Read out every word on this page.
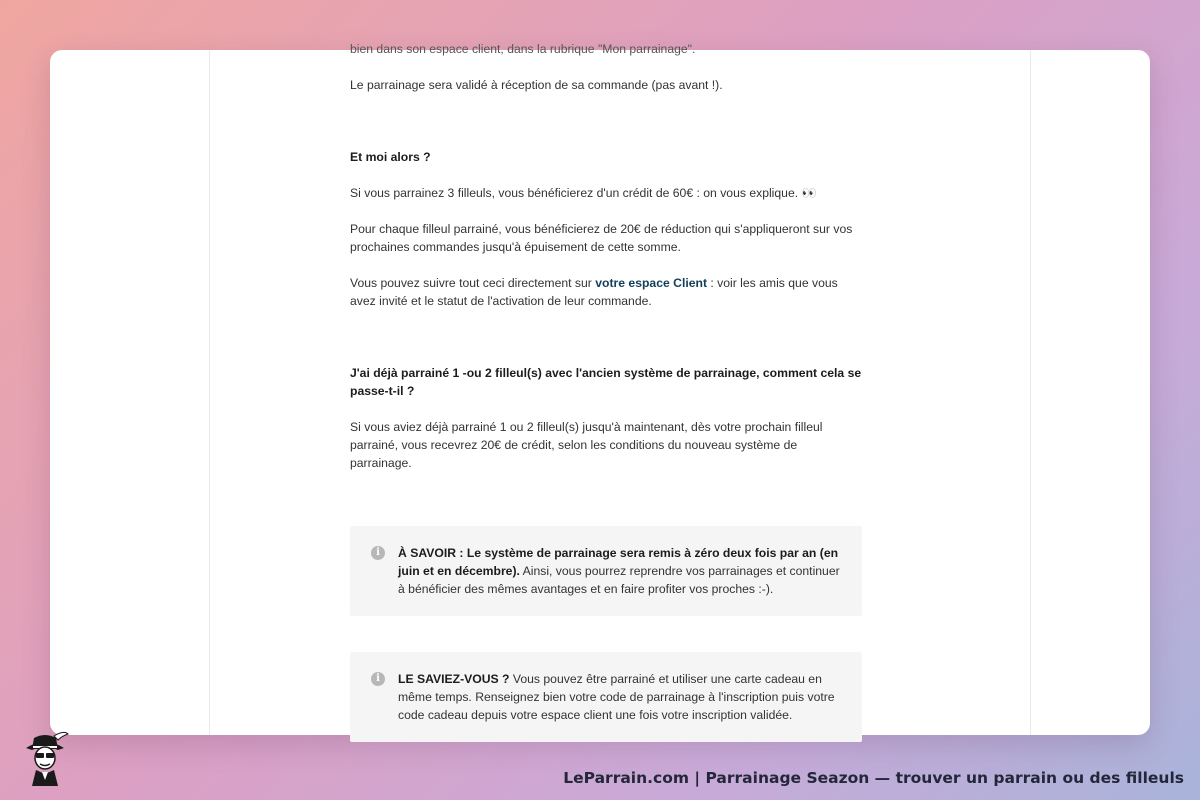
bien dans son espace client, dans la rubrique "Mon parrainage".

Le parrainage sera validé à réception de sa commande (pas avant !).

Et moi alors ?

Si vous parrainez 3 filleuls, vous bénéficierez d'un crédit de 60€ : on vous explique. 👀

Pour chaque filleul parrainé, vous bénéficierez de 20€ de réduction qui s'appliqueront sur vos prochaines commandes jusqu'à épuisement de cette somme.

Vous pouvez suivre tout ceci directement sur votre espace Client : voir les amis que vous avez invité et le statut de l'activation de leur commande.

J'ai déjà parrainé 1 -ou 2 filleul(s) avec l'ancien système de parrainage, comment cela se passe-t-il ?

Si vous aviez déjà parrainé 1 ou 2 filleul(s) jusqu'à maintenant, dès votre prochain filleul parrainé, vous recevrez 20€ de crédit, selon les conditions du nouveau système de parrainage.

i	À SAVOIR : Le système de parrainage sera remis à zéro deux fois par an (en juin et en décembre). Ainsi, vous pourrez reprendre vos parrainages et continuer à bénéficier des mêmes avantages et en faire profiter vos proches :-).
i	LE SAVIEZ-VOUS ? Vous pouvez être parrainé et utiliser une carte cadeau en même temps. Renseignez bien votre code de parrainage à l'inscription puis votre code cadeau depuis votre espace client une fois votre inscription validée.
LeParrain.com | Parrainage Seazon — trouver un parrain ou des filleuls
